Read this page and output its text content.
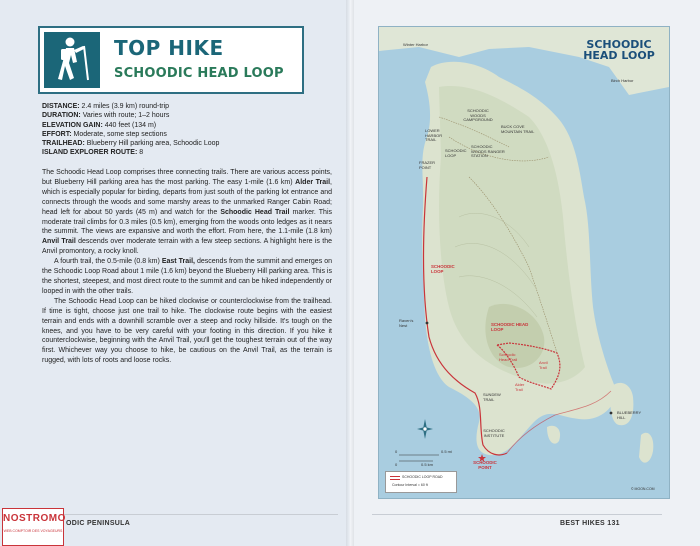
TOP HIKE
SCHOODIC HEAD LOOP
DISTANCE: 2.4 miles (3.9 km) round-trip
DURATION: Varies with route; 1–2 hours
ELEVATION GAIN: 440 feet (134 m)
EFFORT: Moderate, some step sections
TRAILHEAD: Blueberry Hill parking area, Schoodic Loop
ISLAND EXPLORER ROUTE: 8

The Schoodic Head Loop comprises three connecting trails. There are various access points, but Blueberry Hill parking area has the most parking. The easy 1-mile (1.6 km) Alder Trail, which is especially popular for birding, departs from just south of the parking lot entrance and connects through the woods and some marshy areas to the unmarked Ranger Cabin Road; head left for about 50 yards (45 m) and watch for the Schoodic Head Trail marker. This moderate trail climbs for 0.3 miles (0.5 km), emerging from the woods onto ledges as it nears the summit. The views are expansive and worth the effort. From here, the 1.1-mile (1.8 km) Anvil Trail descends over moderate terrain with a few steep sections. A highlight here is the Anvil promontory, a rocky knoll.

A fourth trail, the 0.5-mile (0.8 km) East Trail, descends from the summit and emerges on the Schoodic Loop Road about 1 mile (1.6 km) beyond the Blueberry Hill parking area. This is the shortest, steepest, and most direct route to the summit and can be hiked independently or looped in with the other trails.

The Schoodic Head Loop can be hiked clockwise or counterclockwise from the trailhead. If time is tight, choose just one trail to hike. The clockwise route begins with the easiest terrain and ends with a downhill scramble over a steep and rocky hillside. It's tough on the knees, and you have to be very careful with your footing in this direction. If you hike it counterclockwise, beginning with the Anvil Trail, you'll get the toughest terrain out of the way first. Whichever way you choose to hike, be cautious on the Anvil Trail, as the terrain is rugged, with lots of roots and loose rocks.

ODIC PENINSULA	BEST HIKES 131
NOSTROMO
WEB COMPTOIR DES VOYAGEURS
SCHOODIC HEAD LOOP
Winter Harbor
Birch Harbor
LOWER HARBOR TRAIL
SCHOODIC WOODS CAMPGROUND
BUCK COVE MOUNTAIN TRAIL
SCHOODIC LOOP
SCHOODIC WOODS RANGER STATION
FRAZER POINT
SCHOODIC LOOP
Raven's Nest	SCHOODIC HEAD LOOP
Schoodic Head Trail
Anvil Trail
Alder Trail
BLUEBERRY HILL
SUNDEW TRAIL
SCHOODIC INSTITUTE
SCHOODIC POINT
0	0.5 mi
0	0.5 km
SCHOODIC LOOP ROAD
Contour Interval = 60 ft
© MOON.COM
